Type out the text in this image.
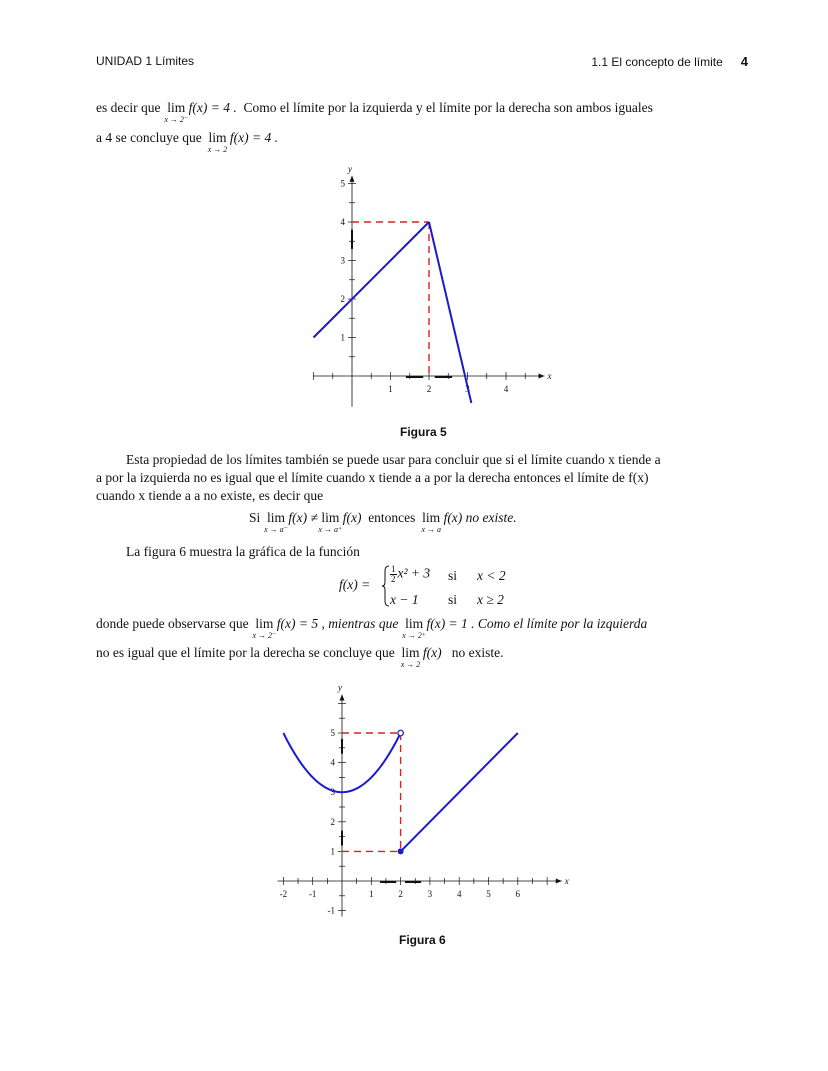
UNIDAD 1 Límites	1.1 El concepto de límite 4
es decir que lim
x → 2⁻
f(x) = 4 . Como el límite por la izquierda y el límite por la derecha son ambos iguales
a 4 se concluye que lim
x → 2
f(x) = 4 .
1	2	3	4
1
2
3
4
5
x
y
Figura 5
Esta propiedad de los límites también se puede usar para concluir que si el límite cuando x tiende a
a por la izquierda no es igual que el límite cuando x tiende a a por la derecha entonces el límite de f(x)
cuando x tiende a a no existe, es decir que
Si lim
x → a⁻
f(x) ≠ lim
x → a⁺
f(x) entonces lim
x → a
f(x) no existe.
La figura 6 muestra la gráfica de la función
f(x) =
$\frac{1}{2} x^2 + 3$ si x < 2
x − 1 si x ≥ 2
donde puede observarse que lim
x → 2⁻
f(x) = 5 , mientras que lim
x → 2⁺
f(x) = 1 . Como el límite por la izquierda
no es igual que el límite por la derecha se concluye que lim
x → 2
f(x) no existe.
-2 -1	1	2	3	4	5	6
-1
1
2
3
4
5
x
y
Figura 6
